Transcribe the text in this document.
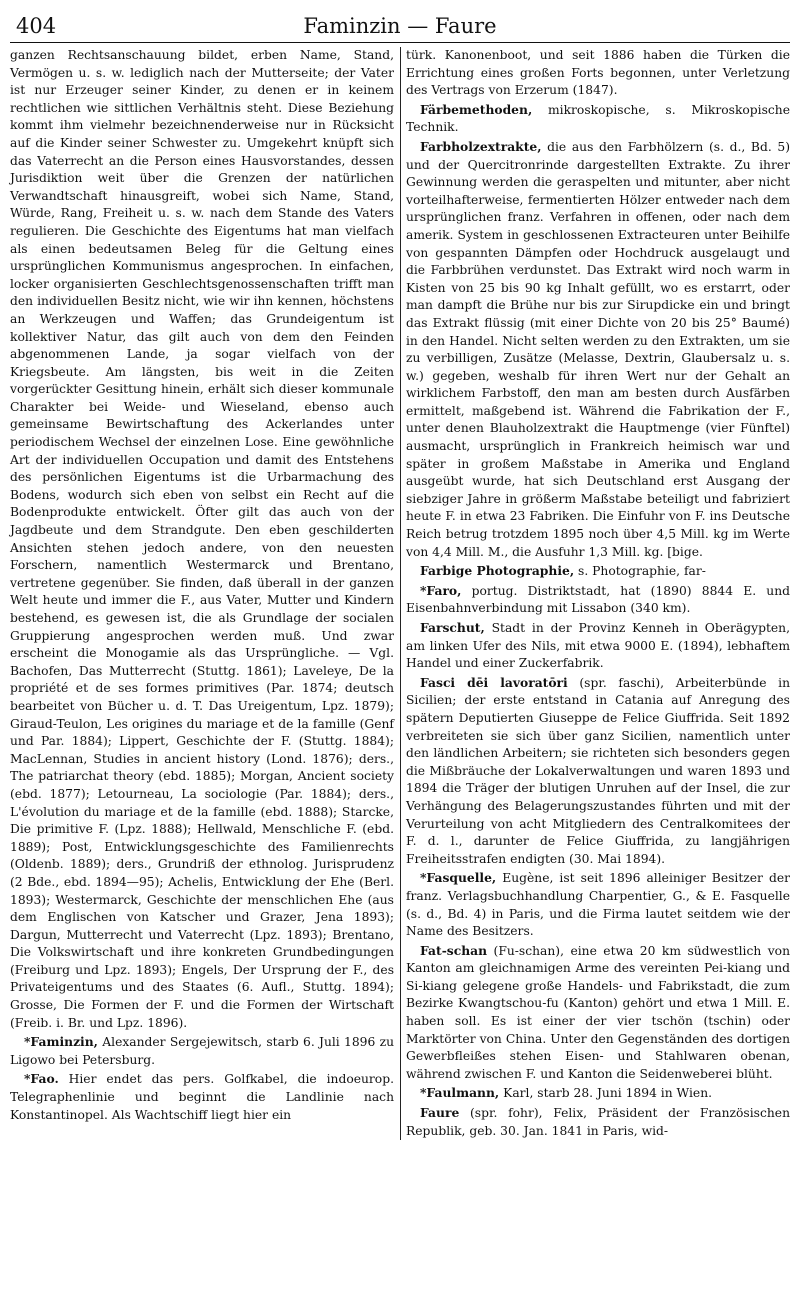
404	Faminzin — Faure

ganzen Rechtsanschauung bildet, erben Name, Stand, Vermögen u. s. w. lediglich nach der Mutterseite; der Vater ist nur Erzeuger seiner Kinder, zu denen er in keinem rechtlichen wie sittlichen Verhältnis steht. Diese Beziehung kommt ihm vielmehr bezeichnenderweise nur in Rücksicht auf die Kinder seiner Schwester zu. Umgekehrt knüpft sich das Vaterrecht an die Person eines Hausvorstandes, dessen Jurisdiktion weit über die Grenzen der natürlichen Verwandtschaft hinausgreift, wobei sich Name, Stand, Würde, Rang, Freiheit u. s. w. nach dem Stande des Vaters regulieren. Die Geschichte des Eigentums hat man vielfach als einen bedeutsamen Beleg für die Geltung eines ursprünglichen Kommunismus angesprochen. In einfachen, locker organisierten Geschlechtsgenossenschaften trifft man den individuellen Besitz nicht, wie wir ihn kennen, höchstens an Werkzeugen und Waffen; das Grundeigentum ist kollektiver Natur, das gilt auch von dem den Feinden abgenommenen Lande, ja sogar vielfach von der Kriegsbeute. Am längsten, bis weit in die Zeiten vorgerückter Gesittung hinein, erhält sich dieser kommunale Charakter bei Weide- und Wieseland, ebenso auch gemeinsame Bewirtschaftung des Ackerlandes unter periodischem Wechsel der einzelnen Lose. Eine gewöhnliche Art der individuellen Occupation und damit des Entstehens des persönlichen Eigentums ist die Urbarmachung des Bodens, wodurch sich eben von selbst ein Recht auf die Bodenprodukte entwickelt. Öfter gilt das auch von der Jagdbeute und dem Strandgute. Den eben geschilderten Ansichten stehen jedoch andere, von den neuesten Forschern, namentlich Westermarck und Brentano, vertretene gegenüber. Sie finden, daß überall in der ganzen Welt heute und immer die F., aus Vater, Mutter und Kindern bestehend, es gewesen ist, die als Grundlage der socialen Gruppierung angesprochen werden muß. Und zwar erscheint die Monogamie als das Ursprüngliche. — Vgl. Bachofen, Das Mutterrecht (Stuttg. 1861); Laveleye, De la propriété et de ses formes primitives (Par. 1874; deutsch bearbeitet von Bücher u. d. T. Das Ureigentum, Lpz. 1879); Giraud-Teulon, Les origines du mariage et de la famille (Genf und Par. 1884); Lippert, Geschichte der F. (Stuttg. 1884); MacLennan, Studies in ancient history (Lond. 1876); ders., The patriarchat theory (ebd. 1885); Morgan, Ancient society (ebd. 1877); Letourneau, La sociologie (Par. 1884); ders., L'évolution du mariage et de la famille (ebd. 1888); Starcke, Die primitive F. (Lpz. 1888); Hellwald, Menschliche F. (ebd. 1889); Post, Entwicklungsgeschichte des Familienrechts (Oldenb. 1889); ders., Grundriß der ethnolog. Jurisprudenz (2 Bde., ebd. 1894—95); Achelis, Entwicklung der Ehe (Berl. 1893); Westermarck, Geschichte der menschlichen Ehe (aus dem Englischen von Katscher und Grazer, Jena 1893); Dargun, Mutterrecht und Vaterrecht (Lpz. 1893); Brentano, Die Volkswirtschaft und ihre konkreten Grundbedingungen (Freiburg und Lpz. 1893); Engels, Der Ursprung der F., des Privateigentums und des Staates (6. Aufl., Stuttg. 1894); Grosse, Die Formen der F. und die Formen der Wirtschaft (Freib. i. Br. und Lpz. 1896).

*Faminzin, Alexander Sergejewitsch, starb 6. Juli 1896 zu Ligowo bei Petersburg.

*Fao. Hier endet das pers. Golfkabel, die indoeurop. Telegraphenlinie und beginnt die Landlinie nach Konstantinopel. Als Wachtschiff liegt hier ein

türk. Kanonenboot, und seit 1886 haben die Türken die Errichtung eines großen Forts begonnen, unter Verletzung des Vertrags von Erzerum (1847).

Färbemethoden, mikroskopische, s. Mikroskopische Technik.

Farbholzextrakte, die aus den Farbhölzern (s. d., Bd. 5) und der Quercitronrinde dargestellten Extrakte. Zu ihrer Gewinnung werden die geraspelten und mitunter, aber nicht vorteilhafterweise, fermentierten Hölzer entweder nach dem ursprünglichen franz. Verfahren in offenen, oder nach dem amerik. System in geschlossenen Extracteuren unter Beihilfe von gespannten Dämpfen oder Hochdruck ausgelaugt und die Farbbrühen verdunstet. Das Extrakt wird noch warm in Kisten von 25 bis 90 kg Inhalt gefüllt, wo es erstarrt, oder man dampft die Brühe nur bis zur Sirupdicke ein und bringt das Extrakt flüssig (mit einer Dichte von 20 bis 25° Baumé) in den Handel. Nicht selten werden zu den Extrakten, um sie zu verbilligen, Zusätze (Melasse, Dextrin, Glaubersalz u. s. w.) gegeben, weshalb für ihren Wert nur der Gehalt an wirklichem Farbstoff, den man am besten durch Ausfärben ermittelt, maßgebend ist. Während die Fabrikation der F., unter denen Blauholzextrakt die Hauptmenge (vier Fünftel) ausmacht, ursprünglich in Frankreich heimisch war und später in großem Maßstabe in Amerika und England ausgeübt wurde, hat sich Deutschland erst Ausgang der siebziger Jahre in größerm Maßstabe beteiligt und fabriziert heute F. in etwa 23 Fabriken. Die Einfuhr von F. ins Deutsche Reich betrug trotzdem 1895 noch über 4,5 Mill. kg im Werte von 4,4 Mill. M., die Ausfuhr 1,3 Mill. kg. [bige.

Farbige Photographie, s. Photographie, far-

*Faro, portug. Distriktstadt, hat (1890) 8844 E. und Eisenbahnverbindung mit Lissabon (340 km).

Farschut, Stadt in der Provinz Kenneh in Oberägypten, am linken Ufer des Nils, mit etwa 9000 E. (1894), lebhaftem Handel und einer Zuckerfabrik.

Fasci dēi lavoratōri (spr. faschi), Arbeiterbünde in Sicilien; der erste entstand in Catania auf Anregung des spätern Deputierten Giuseppe de Felice Giuffrida. Seit 1892 verbreiteten sie sich über ganz Sicilien, namentlich unter den ländlichen Arbeitern; sie richteten sich besonders gegen die Mißbräuche der Lokalverwaltungen und waren 1893 und 1894 die Träger der blutigen Unruhen auf der Insel, die zur Verhängung des Belagerungszustandes führten und mit der Verurteilung von acht Mitgliedern des Centralkomitees der F. d. l., darunter de Felice Giuffrida, zu langjährigen Freiheitsstrafen endigten (30. Mai 1894).

*Fasquelle, Eugène, ist seit 1896 alleiniger Besitzer der franz. Verlagsbuchhandlung Charpentier, G., & E. Fasquelle (s. d., Bd. 4) in Paris, und die Firma lautet seitdem wie der Name des Besitzers.

Fat-schan (Fu-schan), eine etwa 20 km südwestlich von Kanton am gleichnamigen Arme des vereinten Pei-kiang und Si-kiang gelegene große Handels- und Fabrikstadt, die zum Bezirke Kwangtschou-fu (Kanton) gehört und etwa 1 Mill. E. haben soll. Es ist einer der vier tschön (tschin) oder Marktörter von China. Unter den Gegenständen des dortigen Gewerbfleißes stehen Eisen- und Stahlwaren obenan, während zwischen F. und Kanton die Seidenweberei blüht.

*Faulmann, Karl, starb 28. Juni 1894 in Wien.

Faure (spr. fohr), Felix, Präsident der Französischen Republik, geb. 30. Jan. 1841 in Paris, wid-
